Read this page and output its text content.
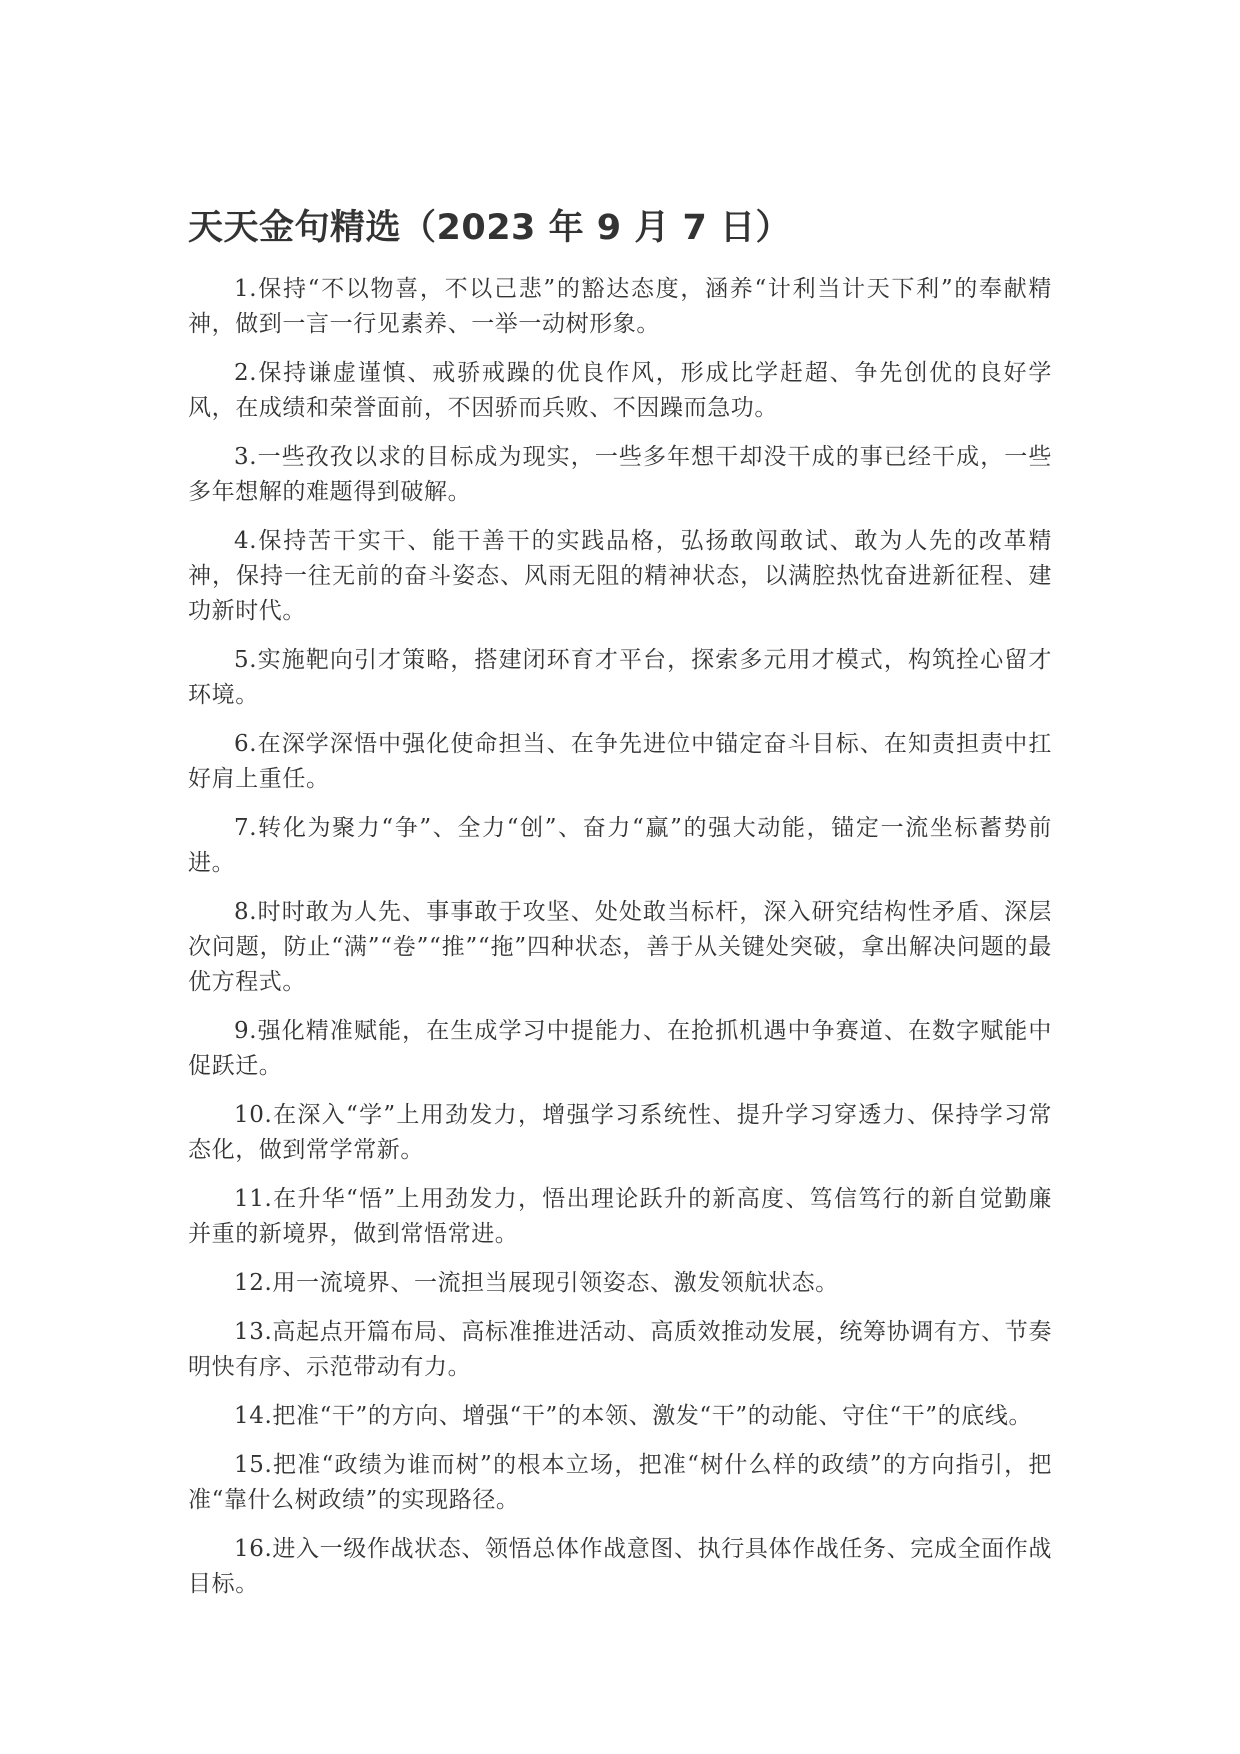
天天金句精选（2023 年 9 月 7 日）
1.保持“不以物喜，不以己悲”的豁达态度，涵养“计利当计天下利”的奉献精神，做到一言一行见素养、一举一动树形象。
2.保持谦虚谨慎、戒骄戒躁的优良作风，形成比学赶超、争先创优的良好学风，在成绩和荣誉面前，不因骄而兵败、不因躁而急功。
3.一些孜孜以求的目标成为现实，一些多年想干却没干成的事已经干成，一些多年想解的难题得到破解。
4.保持苦干实干、能干善干的实践品格，弘扬敢闯敢试、敢为人先的改革精神，保持一往无前的奋斗姿态、风雨无阻的精神状态，以满腔热忱奋进新征程、建功新时代。
5.实施靶向引才策略，搭建闭环育才平台，探索多元用才模式，构筑拴心留才环境。
6.在深学深悟中强化使命担当、在争先进位中锚定奋斗目标、在知责担责中扛好肩上重任。
7.转化为聚力“争”、全力“创”、奋力“赢”的强大动能，锚定一流坐标蓄势前进。
8.时时敢为人先、事事敢于攻坚、处处敢当标杆，深入研究结构性矛盾、深层次问题，防止“满”“卷”“推”“拖”四种状态，善于从关键处突破，拿出解决问题的最优方程式。
9.强化精准赋能，在生成学习中提能力、在抢抓机遇中争赛道、在数字赋能中促跃迁。
10.在深入“学”上用劲发力，增强学习系统性、提升学习穿透力、保持学习常态化，做到常学常新。
11.在升华“悟”上用劲发力，悟出理论跃升的新高度、笃信笃行的新自觉勤廉并重的新境界，做到常悟常进。
12.用一流境界、一流担当展现引领姿态、激发领航状态。
13.高起点开篇布局、高标准推进活动、高质效推动发展，统筹协调有方、节奏明快有序、示范带动有力。
14.把准“干”的方向、增强“干”的本领、激发“干”的动能、守住“干”的底线。
15.把准“政绩为谁而树”的根本立场，把准“树什么样的政绩”的方向指引，把准“靠什么树政绩”的实现路径。
16.进入一级作战状态、领悟总体作战意图、执行具体作战任务、完成全面作战目标。
